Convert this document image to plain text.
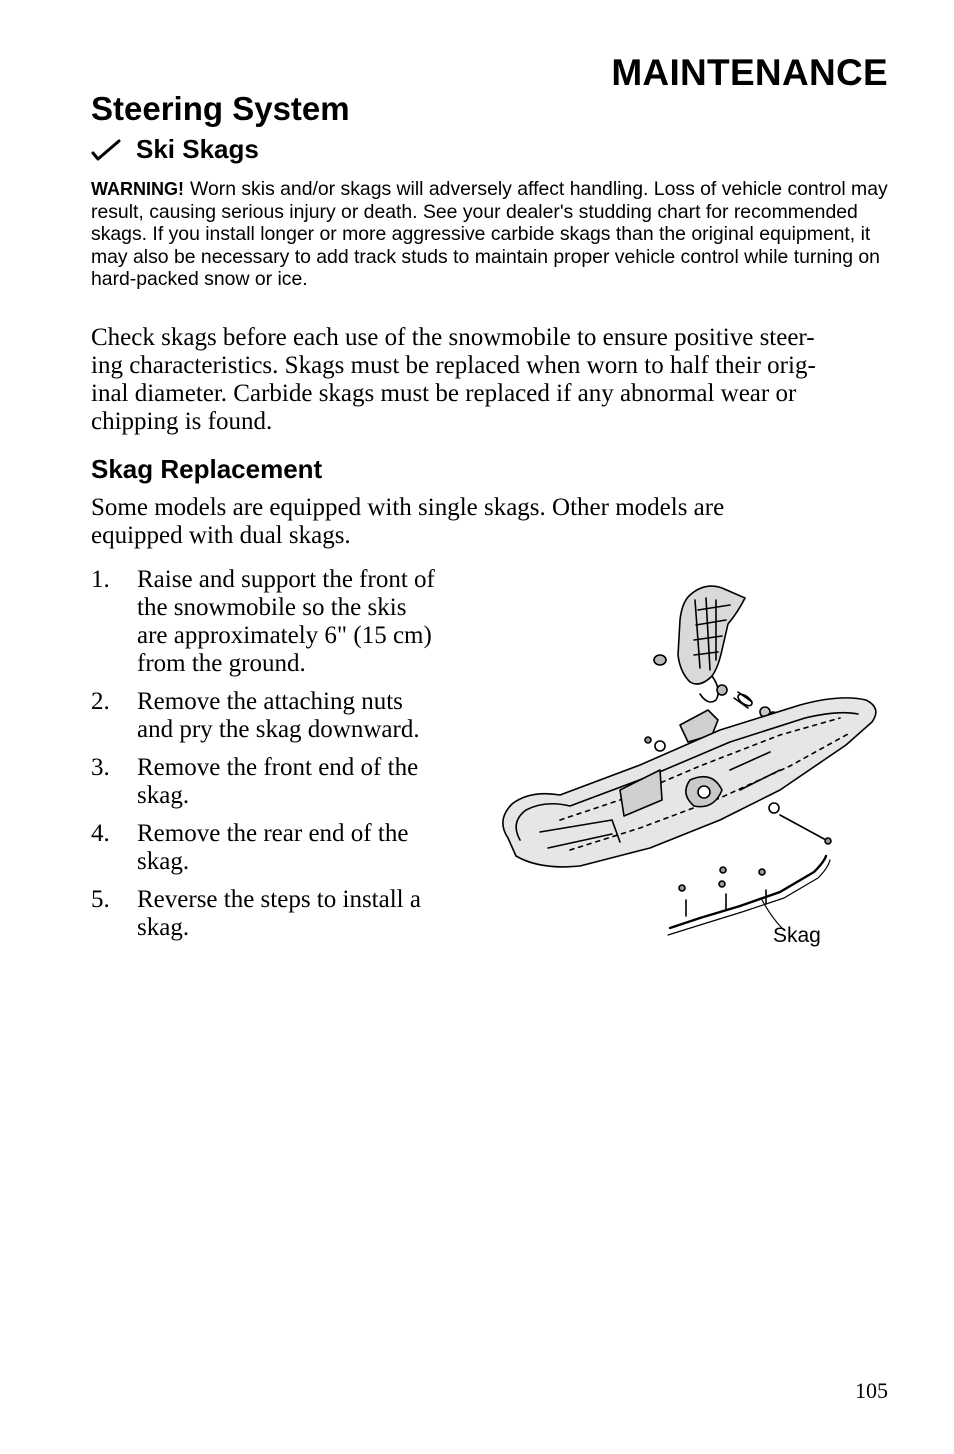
MAINTENANCE
Steering System
Ski Skags
WARNING! Worn skis and/or skags will adversely affect handling. Loss of vehicle control may result, causing serious injury or death. See your dealer's studding chart for recommended skags. If you install longer or more aggressive carbide skags than the original equipment, it may also be necessary to add track studs to maintain proper vehicle control while turning on hard-packed snow or ice.
Check skags before each use of the snowmobile to ensure positive steer-
ing characteristics. Skags must be replaced when worn to half their orig-
inal diameter. Carbide skags must be replaced if any abnormal wear or
chipping is found.
Skag Replacement
Some models are equipped with single skags. Other models are
equipped with dual skags.
1. Raise and support the front of
the snowmobile so the skis
are approximately 6" (15 cm)
from the ground.
2. Remove the attaching nuts
and pry the skag downward.
3. Remove the front end of the
skag.
4. Remove the rear end of the
skag.
5. Reverse the steps to install a
skag.	Skag
105
